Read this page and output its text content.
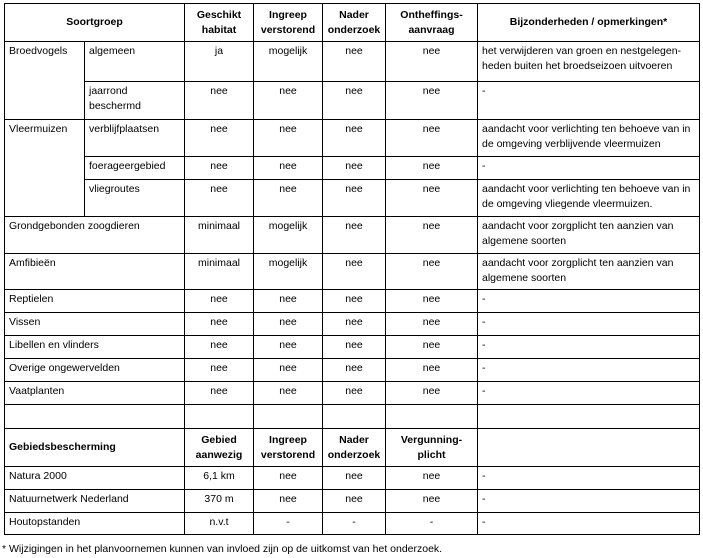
Soortgroep		Geschikt habitat	Ingreep verstorend	Nader onderzoek	Ontheffings-aanvraag	Bijzonderheden / opmerkingen*
Broedvogels	algemeen	ja	mogelijk	nee	nee	het verwijderen van groen en nestgelegen-heden buiten het broedseizoen uitvoeren
	jaarrond beschermd	nee	nee	nee	nee	-
Vleermuizen	verblijfplaatsen	nee	nee	nee	nee	aandacht voor verlichting ten behoeve van in de omgeving verblijvende vleermuizen
	foerageergebied	nee	nee	nee	nee	-
	vliegroutes	nee	nee	nee	nee	aandacht voor verlichting ten behoeve van in de omgeving vliegende vleermuizen.
Grondgebonden zoogdieren		minimaal	mogelijk	nee	nee	aandacht voor zorgplicht ten aanzien van algemene soorten
Amfibieën		minimaal	mogelijk	nee	nee	aandacht voor zorgplicht ten aanzien van algemene soorten
Reptielen		nee	nee	nee	nee	-
Vissen		nee	nee	nee	nee	-
Libellen en vlinders		nee	nee	nee	nee	-
Overige ongewervelden		nee	nee	nee	nee	-
Vaatplanten		nee	nee	nee	nee	-

Gebiedsbescherming		Gebied aanwezig	Ingreep verstorend	Nader onderzoek	Vergunning-plicht	
Natura 2000		6,1 km	nee	nee	nee	-
Natuurnetwerk Nederland		370 m	nee	nee	nee	-
Houtopstanden		n.v.t	-	-	-	-
* Wijzigingen in het planvoornemen kunnen van invloed zijn op de uitkomst van het onderzoek.
